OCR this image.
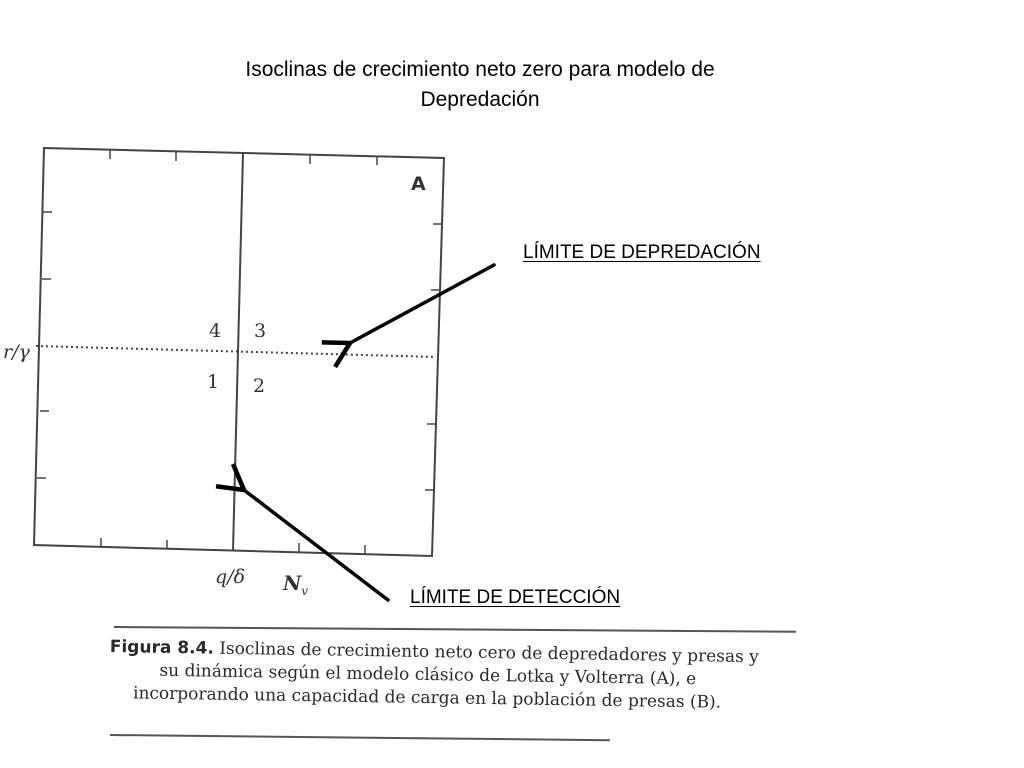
Isoclinas de crecimiento neto zero para modelo de
Depredación
A
4 3
1 2
r/γ
q/δ $N_v$
LÍMITE DE DEPREDACIÓN
LÍMITE DE DETECCIÓN
Figura 8.4. Isoclinas de crecimiento neto cero de depredadores y presas y
su dinámica según el modelo clásico de Lotka y Volterra (A), e
incorporando una capacidad de carga en la población de presas (B).
